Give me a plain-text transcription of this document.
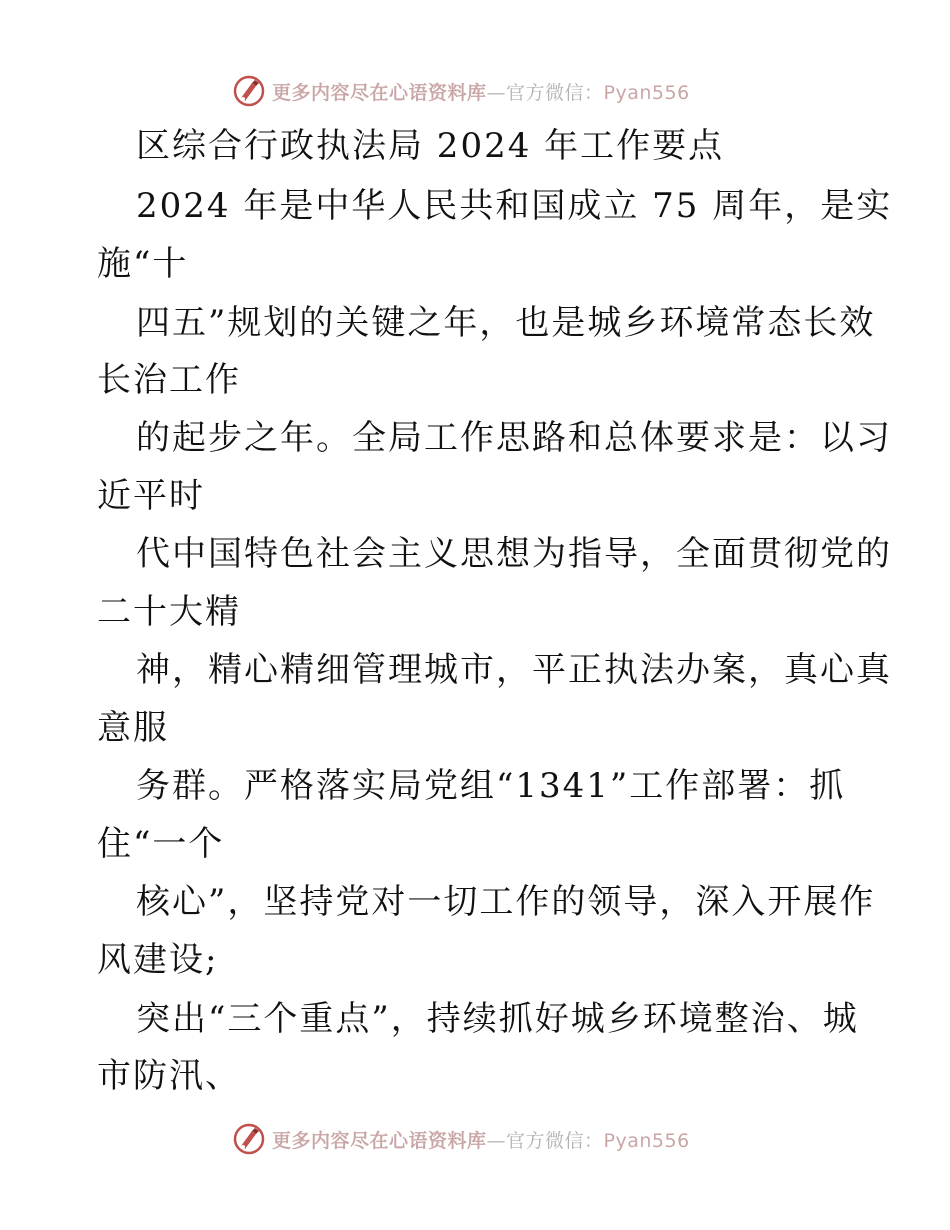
更多内容尽在心语资料库—官方微信：Pyan556
区综合行政执法局 2024 年工作要点
2024 年是中华人民共和国成立 75 周年，是实
施“十
四五”规划的关键之年，也是城乡环境常态长效
长治工作
的起步之年。全局工作思路和总体要求是：以习
近平时
代中国特色社会主义思想为指导，全面贯彻党的
二十大精
神，精心精细管理城市，平正执法办案，真心真
意服
务群。严格落实局党组“1341”工作部署：抓
住“一个
核心”，坚持党对一切工作的领导，深入开展作
风建设;
突出“三个重点”，持续抓好城乡环境整治、城
市防汛、
更多内容尽在心语资料库—官方微信：Pyan556
